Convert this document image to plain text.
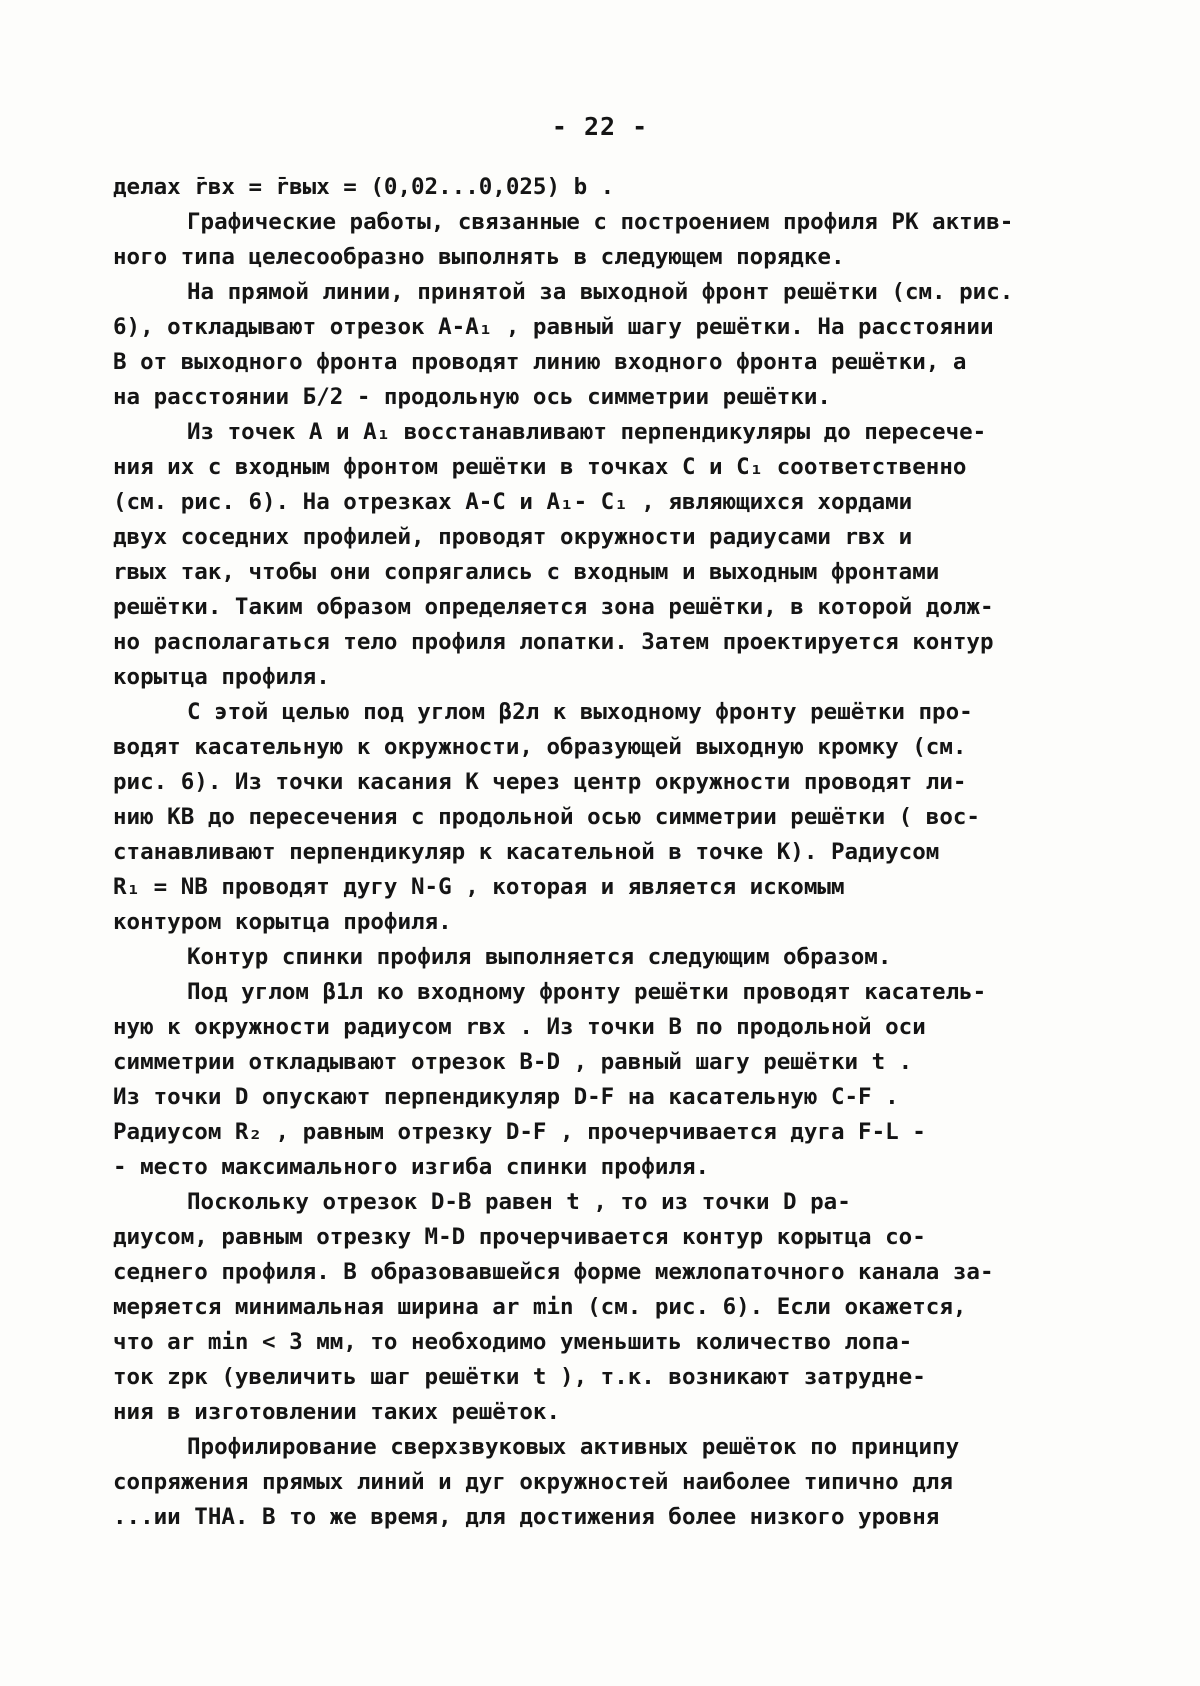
- 22 -
делах r̄вх = r̄вых = (0,02...0,025) b .
Графические работы, связанные с построением профиля РК актив-
ного типа целесообразно выполнять в следующем порядке.
На прямой линии, принятой за выходной фронт решётки (см. рис.
6), откладывают отрезок А-А₁ , равный шагу решётки. На расстоянии
В от выходного фронта проводят линию входного фронта решётки, а
на расстоянии Б/2 - продольную ось симметрии решётки.
Из точек А и А₁ восстанавливают перпендикуляры до пересече-
ния их с входным фронтом решётки в точках С и С₁ соответственно
(см. рис. 6). На отрезках А-С и А₁- С₁ , являющихся хордами
двух соседних профилей, проводят окружности радиусами rвх и
rвых так, чтобы они сопрягались с входным и выходным фронтами
решётки. Таким образом определяется зона решётки, в которой долж-
но располагаться тело профиля лопатки. Затем проектируется контур
корытца профиля.
С этой целью под углом β2л к выходному фронту решётки про-
водят касательную к окружности, образующей выходную кромку (см.
рис. 6). Из точки касания К через центр окружности проводят ли-
нию КВ до пересечения с продольной осью симметрии решётки ( вос-
станавливают перпендикуляр к касательной в точке К). Радиусом
R₁ = NB проводят дугу N-G , которая и является искомым
контуром корытца профиля.
Контур спинки профиля выполняется следующим образом.
Под углом β1л ко входному фронту решётки проводят касатель-
ную к окружности радиусом rвх . Из точки B по продольной оси
симметрии откладывают отрезок B-D , равный шагу решётки t .
Из точки D опускают перпендикуляр D-F на касательную C-F .
Радиусом R₂ , равным отрезку D-F , прочерчивается дуга F-L -
- место максимального изгиба спинки профиля.
Поскольку отрезок D-B равен t , то из точки D ра-
диусом, равным отрезку M-D прочерчивается контур корытца со-
седнего профиля. В образовавшейся форме межлопаточного канала за-
меряется минимальная ширина ar min (см. рис. 6). Если окажется,
что ar min < 3 мм, то необходимо уменьшить количество лопа-
ток zрк (увеличить шаг решётки t ), т.к. возникают затрудне-
ния в изготовлении таких решёток.
Профилирование сверхзвуковых активных решёток по принципу
сопряжения прямых линий и дуг окружностей наиболее типично для
...ии ТНА. В то же время, для достижения более низкого уровня
